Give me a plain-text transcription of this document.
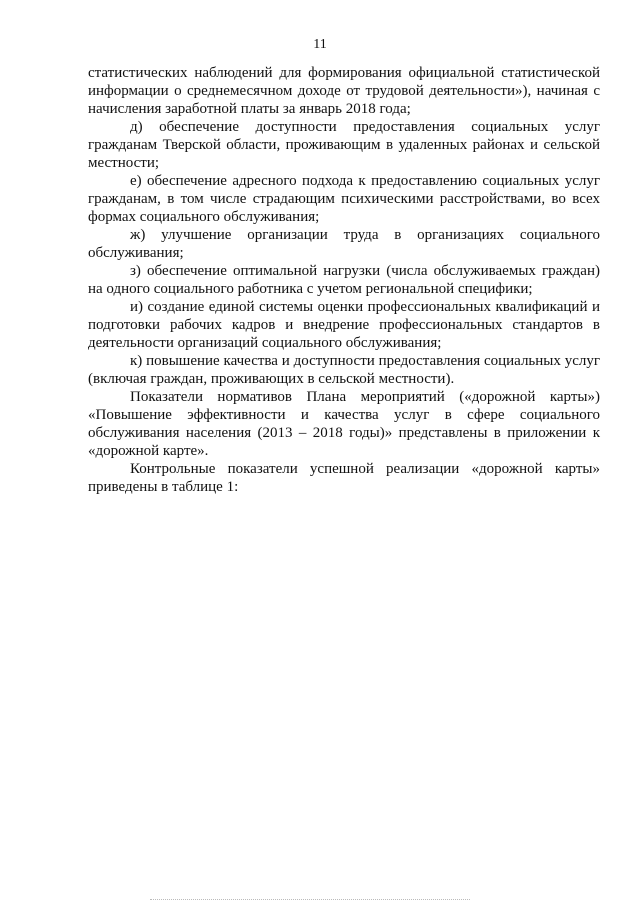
11

статистических наблюдений для формирования официальной статистической информации о среднемесячном доходе от трудовой деятельности»), начиная с начисления заработной платы за январь 2018 года;

д) обеспечение доступности предоставления социальных услуг гражданам Тверской области, проживающим в удаленных районах и сельской местности;

е) обеспечение адресного подхода к предоставлению социальных услуг гражданам, в том числе страдающим психическими расстройствами, во всех формах социального обслуживания;

ж) улучшение организации труда в организациях социального обслуживания;

з) обеспечение оптимальной нагрузки (числа обслуживаемых граждан) на одного социального работника с учетом региональной специфики;

и) создание единой системы оценки профессиональных квалификаций и подготовки рабочих кадров и внедрение профессиональных стандартов в деятельности организаций социального обслуживания;

к) повышение качества и доступности предоставления социальных услуг (включая граждан, проживающих в сельской местности).

Показатели нормативов Плана мероприятий («дорожной карты») «Повышение эффективности и качества услуг в сфере социального обслуживания населения (2013 – 2018 годы)» представлены в приложении к «дорожной карте».

Контрольные показатели успешной реализации «дорожной карты» приведены в таблице 1:
